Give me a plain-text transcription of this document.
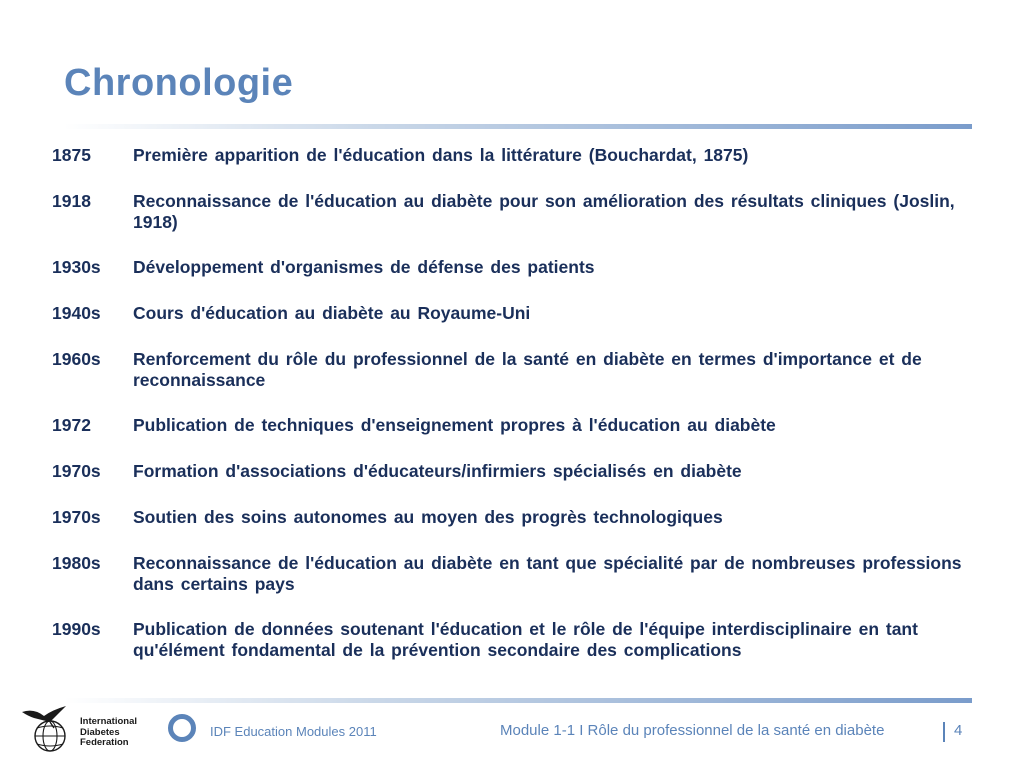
Chronologie
1875	Première apparition de l'éducation dans la littérature (Bouchardat, 1875)
1918	Reconnaissance de l'éducation au diabète pour son amélioration des résultats cliniques (Joslin, 1918)
1930s	Développement d'organismes de défense des patients
1940s	Cours d'éducation au diabète au Royaume-Uni
1960s	Renforcement du rôle du professionnel de la santé en diabète en termes d'importance et de reconnaissance
1972	Publication de techniques d'enseignement propres à l'éducation au diabète
1970s	Formation d'associations d'éducateurs/infirmiers spécialisés en diabète
1970s	Soutien des soins autonomes au moyen des progrès technologiques
1980s	Reconnaissance de l'éducation au diabète en tant que spécialité par de nombreuses professions dans certains pays
1990s	Publication de données soutenant l'éducation et le rôle de l'équipe interdisciplinaire en tant qu'élément fondamental de la prévention secondaire des complications
International
Diabetes
Federation
IDF Education Modules 2011	Module 1-1 I Rôle du professionnel de la santé en diabète	4
